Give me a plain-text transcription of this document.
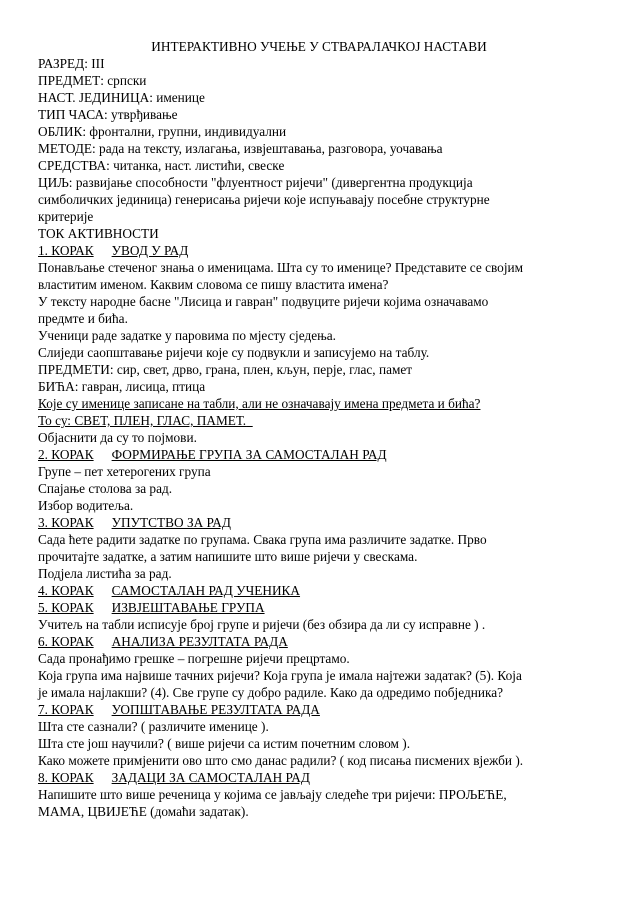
ИНТЕРАКТИВНО УЧЕЊЕ У СТВАРАЛАЧКОЈ НАСТАВИ

РАЗРЕД: III

ПРЕДМЕТ: српски

НАСТ. ЈЕДИНИЦА: именице

ТИП ЧАСА: утврђивање

ОБЛИК: фронтални, групни, индивидуални

МЕТОДЕ: рада на тексту, излагања, извјештавања, разговора, уочавања

СРЕДСТВА: читанка, наст. листићи, свеске

ЦИЉ: развијање способности "флуентност ријечи" (дивергентна продукција

симболичких јединица) генерисања ријечи које испуњавају посебне структурне

критерије

ТОК АКТИВНОСТИ

1. КОРАК УВОД У РАД

Понављање стеченог знања о именицама. Шта су то именице? Представите се својим

властитим именом. Каквим словома се пишу властита имена?

У тексту народне басне "Лисица и гавран" подвуците ријечи којима означавамо

предмте и бића.

Ученици раде задатке у паровима по мјесту сједења.

Слиједи саопштавање ријечи које су подвукли и записујемо на таблу.

ПРЕДМЕТИ: сир, свет, дрво, грана, плен, кљун, перје, глас, памет

БИЋА: гавран, лисица, птица

Које су именице записане на табли, али не означавају имена предмета и бића?

То су: СВЕТ, ПЛЕН, ГЛАС, ПАМЕТ.

Објаснити да су то појмови.

2. КОРАК ФОРМИРАЊЕ ГРУПА ЗА САМОСТАЛАН РАД

Групе – пет хетерогених група

Спајање столова за рад.

Избор водитеља.

3. КОРАК УПУТСТВО ЗА РАД

Сада ћете радити задатке по групама. Свака група има различите задатке. Прво

прочитајте задатке, а затим напишите што више ријечи у свескама.

Подјела листића за рад.

4. КОРАК САМОСТАЛАН РАД УЧЕНИКА

5. КОРАК ИЗВЈЕШТАВАЊЕ ГРУПА

Учитељ на табли исписује број групе и ријечи (без обзира да ли су исправне ) .

6. КОРАК АНАЛИЗА РЕЗУЛТАТА РАДА

Сада пронађимо грешке – погрешне ријечи прецртамо.

Која група има највише тачних ријечи? Која група је имала најтежи задатак? (5). Која

је имала најлакши? (4). Све групе су добро радиле. Како да одредимо побједника?

7. КОРАК УОПШТАВАЊЕ РЕЗУЛТАТА РАДА

Шта сте сазнали? ( различите именице ).

Шта сте још научили? ( више ријечи са истим почетним словом ).

Како можете примјенити ово што смо данас радили? ( код писања писмених вјежби ).

8. КОРАК ЗАДАЦИ ЗА САМОСТАЛАН РАД

Напишите што више реченица у којима се јављају следеће три ријечи: ПРОЉЕЋЕ,

МАМА, ЦВИЈЕЋЕ (домаћи задатак).
